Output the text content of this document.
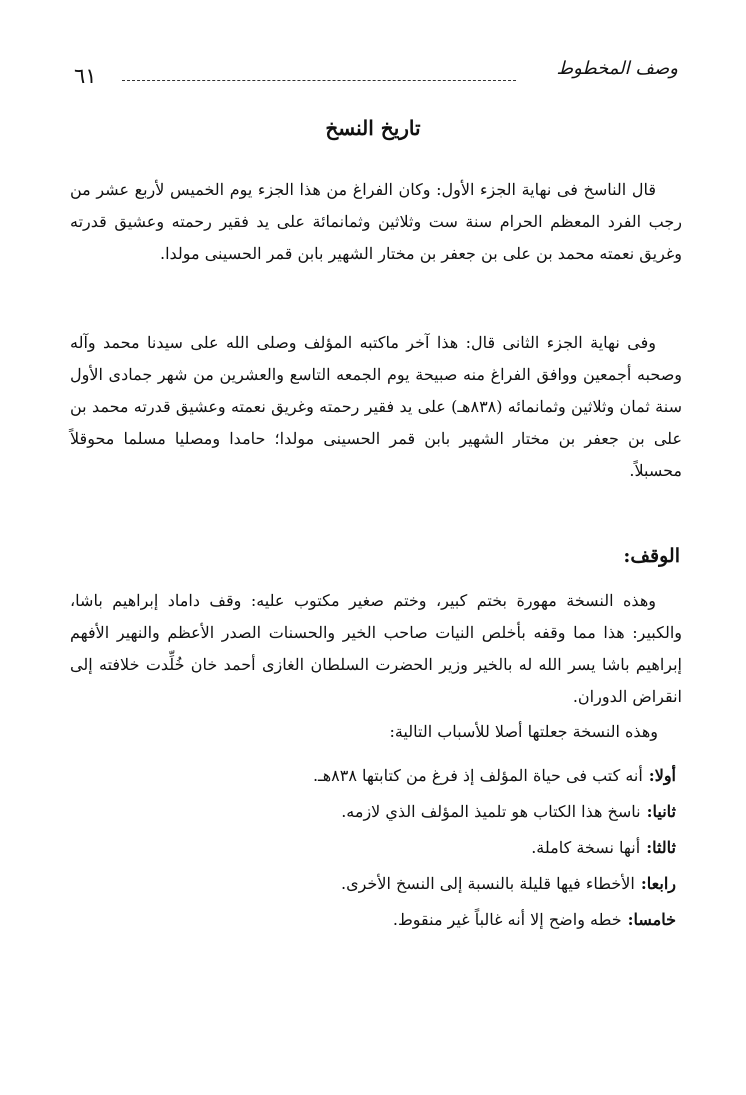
٦١	وصف المخطوط
تاريخ النسخ

قال الناسخ فى نهاية الجزء الأول: وكان الفراغ من هذا الجزء يوم الخميس لأربع عشر من رجب الفرد المعظم الحرام سنة ست وثلاثين وثمانمائة على يد فقير رحمته وعشيق قدرته وغريق نعمته محمد بن على بن جعفر بن مختار الشهير بابن قمر الحسينى مولدا.

وفى نهاية الجزء الثانى قال: هذا آخر ماكتبه المؤلف وصلى الله على سيدنا محمد وآله وصحبه أجمعين ووافق الفراغ منه صبيحة يوم الجمعه التاسع والعشرين من شهر جمادى الأول سنة ثمان وثلاثين وثمانمائه (٨٣٨هـ) على يد فقير رحمته وغريق نعمته وعشيق قدرته محمد بن على بن جعفر بن مختار الشهير بابن قمر الحسينى مولدا؛ حامدا ومصليا مسلما محوقلاً محسبلاً.

الوقف:

وهذه النسخة مهورة بختم كبير، وختم صغير مكتوب عليه: وقف داماد إبراهيم باشا، والكبير: هذا مما وقفه بأخلص النيات صاحب الخير والحسنات الصدر الأعظم والنهير الأفهم إبراهيم باشا يسر الله له بالخير وزير الحضرت السلطان الغازى أحمد خان خُلِّدت خلافته إلى انقراض الدوران.

وهذه النسخة جعلتها أصلا للأسباب التالية:

أولا:أنه كتب فى حياة المؤلف إذ فرغ من كتابتها ٨٣٨هـ.
ثانيا:ناسخ هذا الكتاب هو تلميذ المؤلف الذي لازمه.
ثالثا:أنها نسخة كاملة.
رابعا:الأخطاء فيها قليلة بالنسبة إلى النسخ الأخرى.
خامسا:خطه واضح إلا أنه غالباً غير منقوط.
